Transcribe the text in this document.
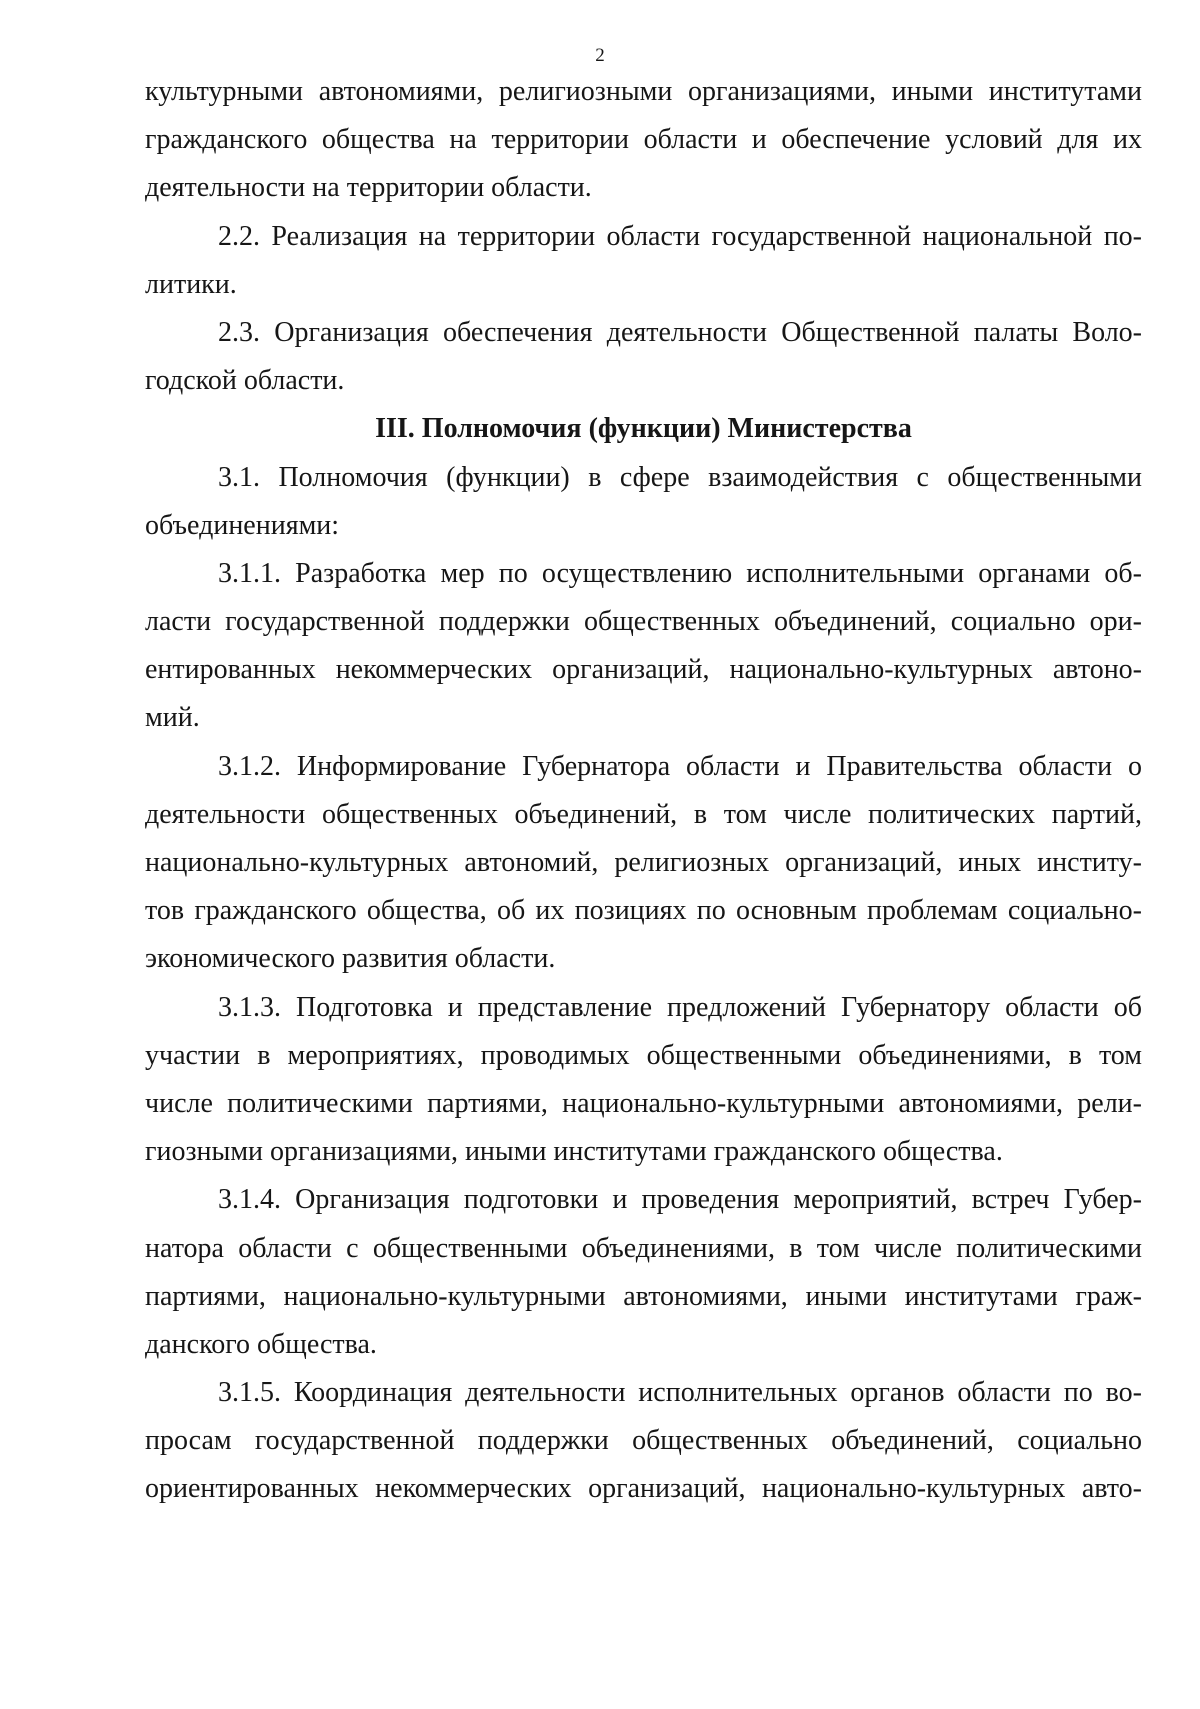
2
культурными автономиями, религиозными организациями, иными институтами
гражданского общества на территории области и обеспечение условий для их
деятельности на территории области.
2.2. Реализация на территории области государственной национальной по-
литики.
2.3. Организация обеспечения деятельности Общественной палаты Воло-
годской области.
III. Полномочия (функции) Министерства
3.1. Полномочия (функции) в сфере взаимодействия с общественными
объединениями:
3.1.1. Разработка мер по осуществлению исполнительными органами об-
ласти государственной поддержки общественных объединений, социально ори-
ентированных некоммерческих организаций, национально-культурных автоно-
мий.
3.1.2. Информирование Губернатора области и Правительства области о
деятельности общественных объединений, в том числе политических партий,
национально-культурных автономий, религиозных организаций, иных институ-
тов гражданского общества, об их позициях по основным проблемам социально-
экономического развития области.
3.1.3. Подготовка и представление предложений Губернатору области об
участии в мероприятиях, проводимых общественными объединениями, в том
числе политическими партиями, национально-культурными автономиями, рели-
гиозными организациями, иными институтами гражданского общества.
3.1.4. Организация подготовки и проведения мероприятий, встреч Губер-
натора области с общественными объединениями, в том числе политическими
партиями, национально-культурными автономиями, иными институтами граж-
данского общества.
3.1.5. Координация деятельности исполнительных органов области по во-
просам государственной поддержки общественных объединений, социально
ориентированных некоммерческих организаций, национально-культурных авто-
